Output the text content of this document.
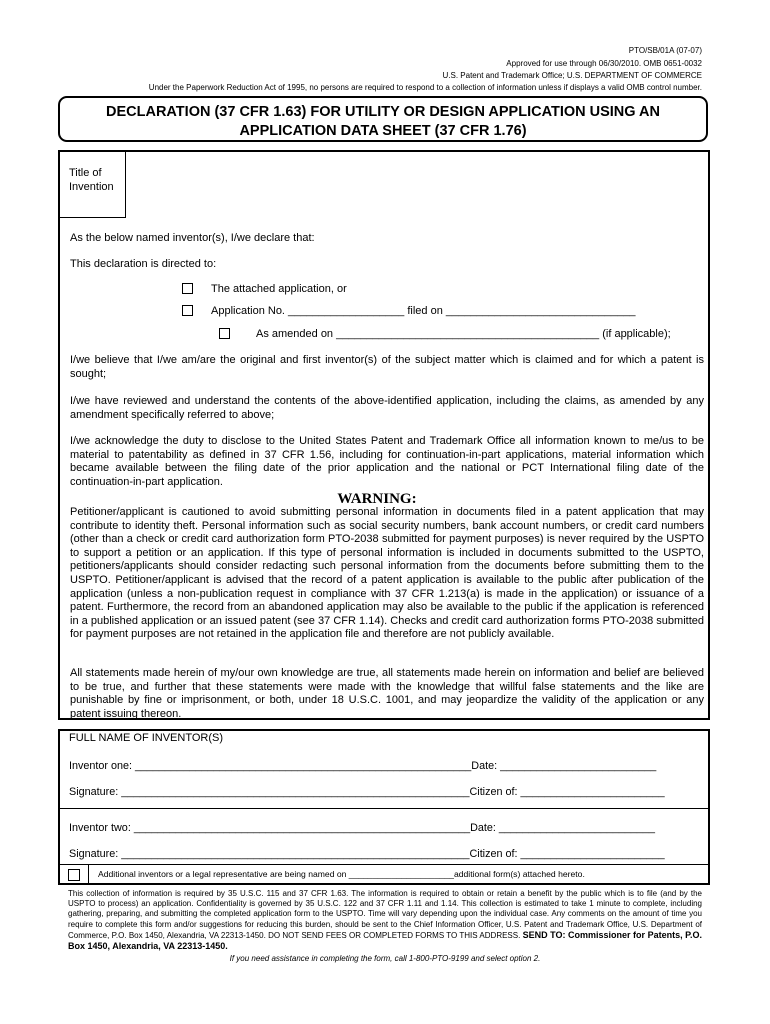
PTO/SB/01A (07-07)
Approved for use through 06/30/2010. OMB 0651-0032
U.S. Patent and Trademark Office; U.S. DEPARTMENT OF COMMERCE
Under the Paperwork Reduction Act of 1995, no persons are required to respond to a collection of information unless if displays a valid OMB control number.
DECLARATION (37 CFR 1.63) FOR UTILITY OR DESIGN APPLICATION USING AN
APPLICATION DATA SHEET (37 CFR 1.76)
Title of
Invention
As the below named inventor(s), I/we declare that:
This declaration is directed to:
The attached application, or
Application No. ___________________ filed on _______________________________
As amended on ___________________________________________ (if applicable);
I/we believe that I/we am/are the original and first inventor(s) of the subject matter which is claimed and for which a patent is sought;
I/we have reviewed and understand the contents of the above-identified application, including the claims, as amended by any amendment specifically referred to above;
I/we acknowledge the duty to disclose to the United States Patent and Trademark Office all information known to me/us to be material to patentability as defined in 37 CFR 1.56, including for continuation-in-part applications, material information which became available between the filing date of the prior application and the national or PCT International filing date of the continuation-in-part application.
WARNING:
Petitioner/applicant is cautioned to avoid submitting personal information in documents filed in a patent application that may contribute to identity theft. Personal information such as social security numbers, bank account numbers, or credit card numbers (other than a check or credit card authorization form PTO-2038 submitted for payment purposes) is never required by the USPTO to support a petition or an application. If this type of personal information is included in documents submitted to the USPTO, petitioners/applicants should consider redacting such personal information from the documents before submitting them to the USPTO. Petitioner/applicant is advised that the record of a patent application is available to the public after publication of the application (unless a non-publication request in compliance with 37 CFR 1.213(a) is made in the application) or issuance of a patent. Furthermore, the record from an abandoned application may also be available to the public if the application is referenced in a published application or an issued patent (see 37 CFR 1.14). Checks and credit card authorization forms PTO-2038 submitted for payment purposes are not retained in the application file and therefore are not publicly available.
All statements made herein of my/our own knowledge are true, all statements made herein on information and belief are believed to be true, and further that these statements were made with the knowledge that willful false statements and the like are punishable by fine or imprisonment, or both, under 18 U.S.C. 1001, and may jeopardize the validity of the application or any patent issuing thereon.
FULL NAME OF INVENTOR(S)
Inventor one: ________________________________________________________Date: __________________________
Signature: __________________________________________________________Citizen of: ________________________
Inventor two: ________________________________________________________Date: __________________________
Signature: __________________________________________________________Citizen of: ________________________
Additional inventors or a legal representative are being named on ______________________additional form(s) attached hereto.
This collection of information is required by 35 U.S.C. 115 and 37 CFR 1.63. The information is required to obtain or retain a benefit by the public which is to file (and by the USPTO to process) an application. Confidentiality is governed by 35 U.S.C. 122 and 37 CFR 1.11 and 1.14. This collection is estimated to take 1 minute to complete, including gathering, preparing, and submitting the completed application form to the USPTO. Time will vary depending upon the individual case. Any comments on the amount of time you require to complete this form and/or suggestions for reducing this burden, should be sent to the Chief Information Officer, U.S. Patent and Trademark Office, U.S. Department of Commerce, P.O. Box 1450, Alexandria, VA 22313-1450. DO NOT SEND FEES OR COMPLETED FORMS TO THIS ADDRESS. SEND TO: Commissioner for Patents, P.O. Box 1450, Alexandria, VA 22313-1450.
If you need assistance in completing the form, call 1-800-PTO-9199 and select option 2.
